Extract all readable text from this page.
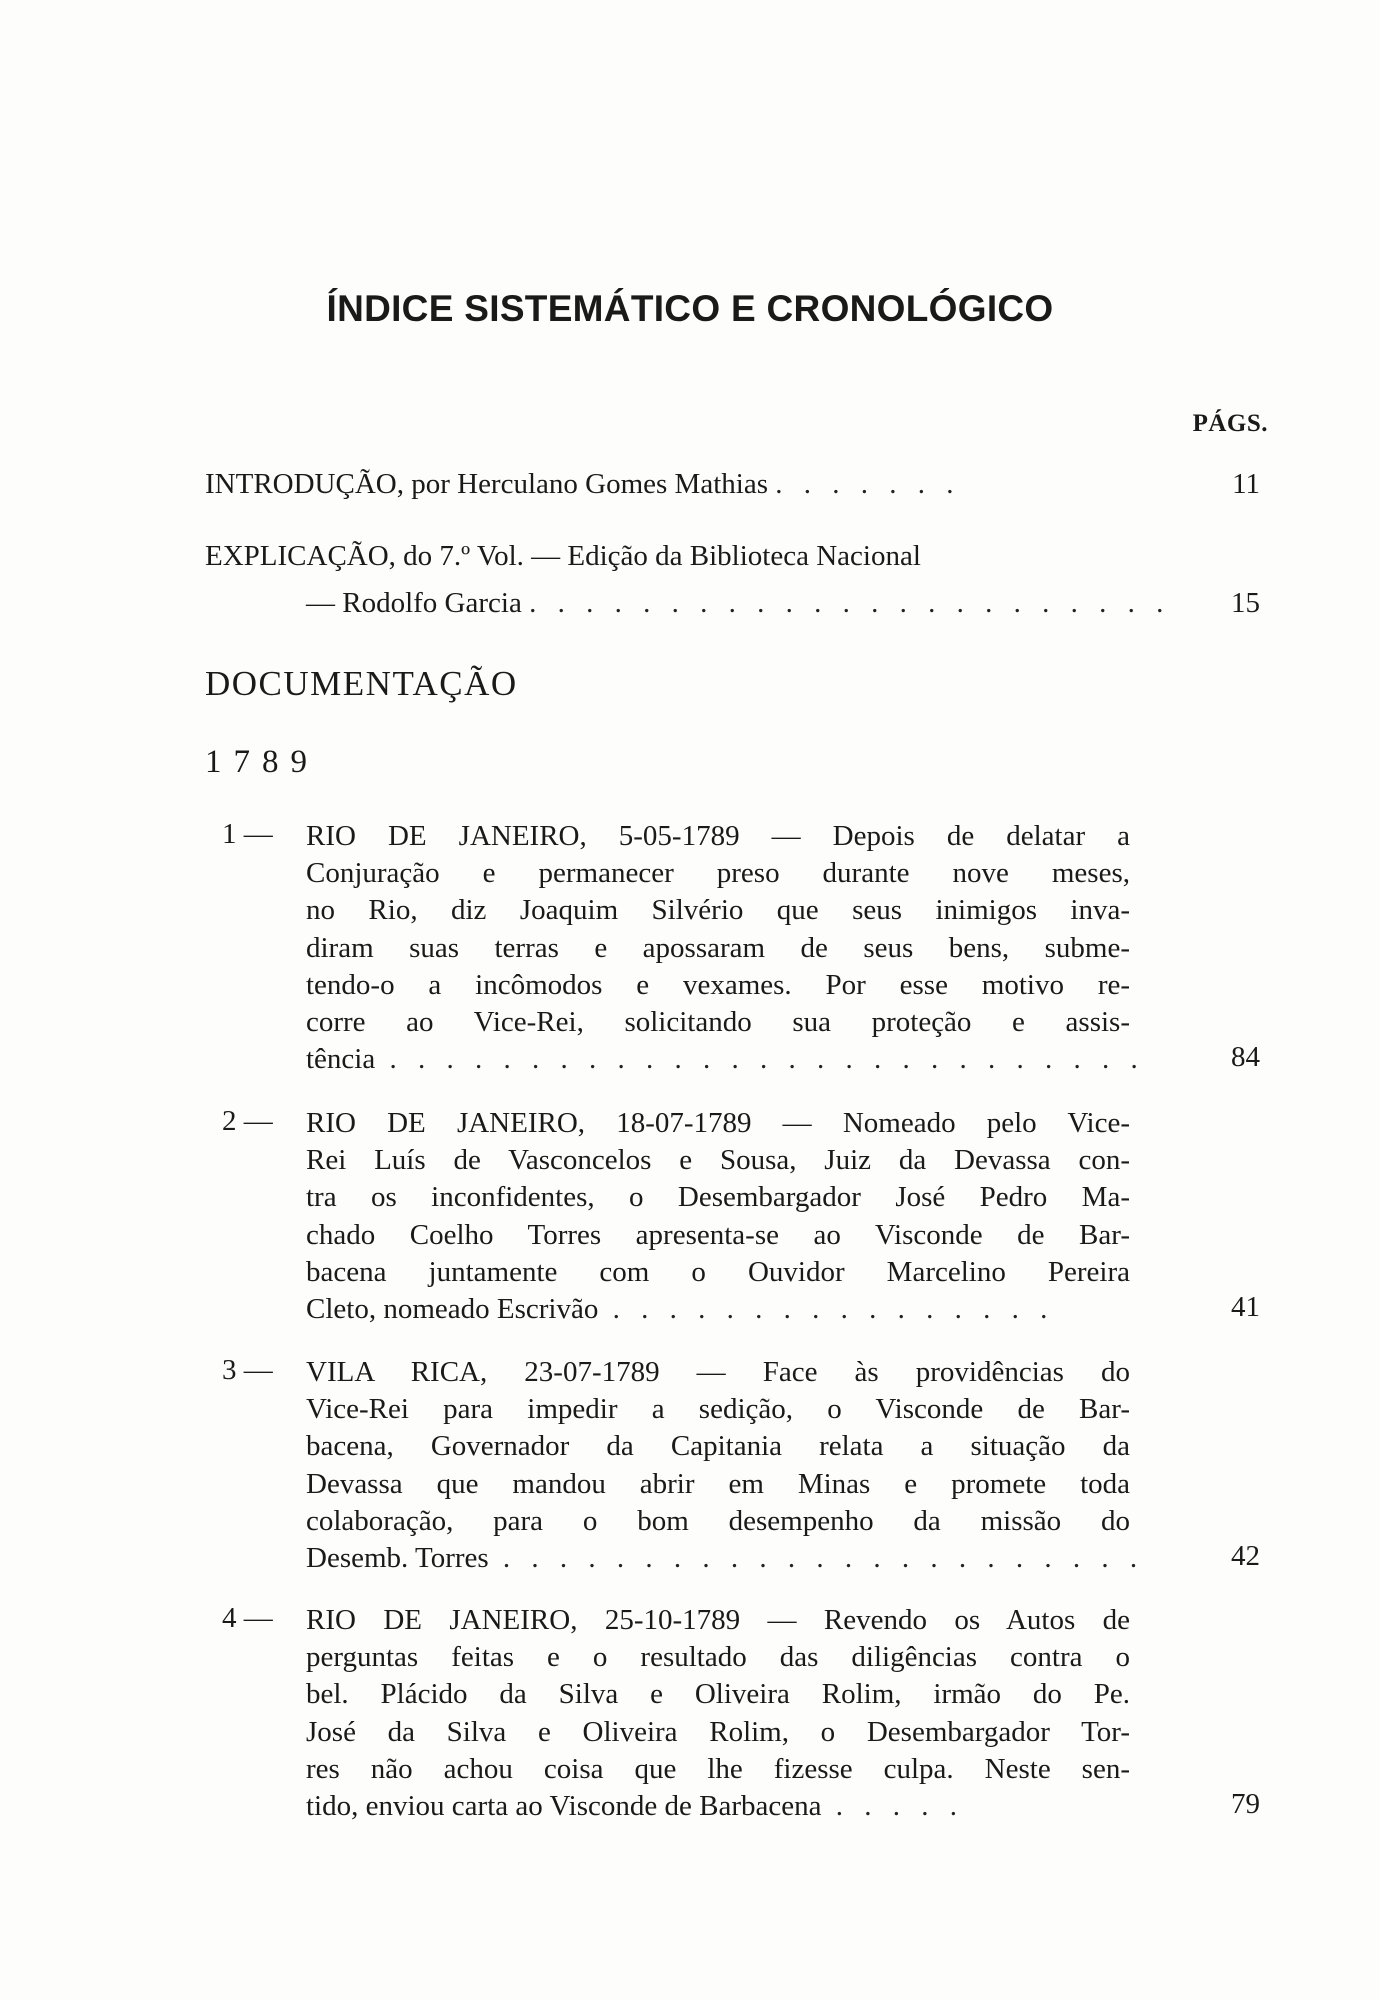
ÍNDICE SISTEMÁTICO E CRONOLÓGICO
PÁGS.
INTRODUÇÃO, por Herculano Gomes Mathias . . . . . . .	11
EXPLICAÇÃO, do 7.º Vol. — Edição da Biblioteca Nacional
— Rodolfo Garcia . . . . . . . . . . . . . . . . . . . . . . . 15
DOCUMENTAÇÃO
1789
1 — RIO DE JANEIRO, 5-05-1789 — Depois de delatar a
Conjuração e permanecer preso durante nove meses,
no Rio, diz Joaquim Silvério que seus inimigos inva-
diram suas terras e apossaram de seus bens, subme-
tendo-o a incômodos e vexames. Por esse motivo re-
corre ao Vice-Rei, solicitando sua proteção e assis-
tência . . . . . . . . . . . . . . . . . . . . . . . . . . .	84
2 — RIO DE JANEIRO, 18-07-1789 — Nomeado pelo Vice-
Rei Luís de Vasconcelos e Sousa, Juiz da Devassa con-
tra os inconfidentes, o Desembargador José Pedro Ma-
chado Coelho Torres apresenta-se ao Visconde de Bar-
bacena juntamente com o Ouvidor Marcelino Pereira
Cleto, nomeado Escrivão . . . . . . . . . . . . . . . .	41
3 — VILA RICA, 23-07-1789 — Face às providências do
Vice-Rei para impedir a sedição, o Visconde de Bar-
bacena, Governador da Capitania relata a situação da
Devassa que mandou abrir em Minas e promete toda
colaboração, para o bom desempenho da missão do
Desemb. Torres . . . . . . . . . . . . . . . . . . . . . . .	42
4 — RIO DE JANEIRO, 25-10-1789 — Revendo os Autos de
perguntas feitas e o resultado das diligências contra o
bel. Plácido da Silva e Oliveira Rolim, irmão do Pe.
José da Silva e Oliveira Rolim, o Desembargador Tor-
res não achou coisa que lhe fizesse culpa. Neste sen-
tido, enviou carta ao Visconde de Barbacena . . . . .	79
